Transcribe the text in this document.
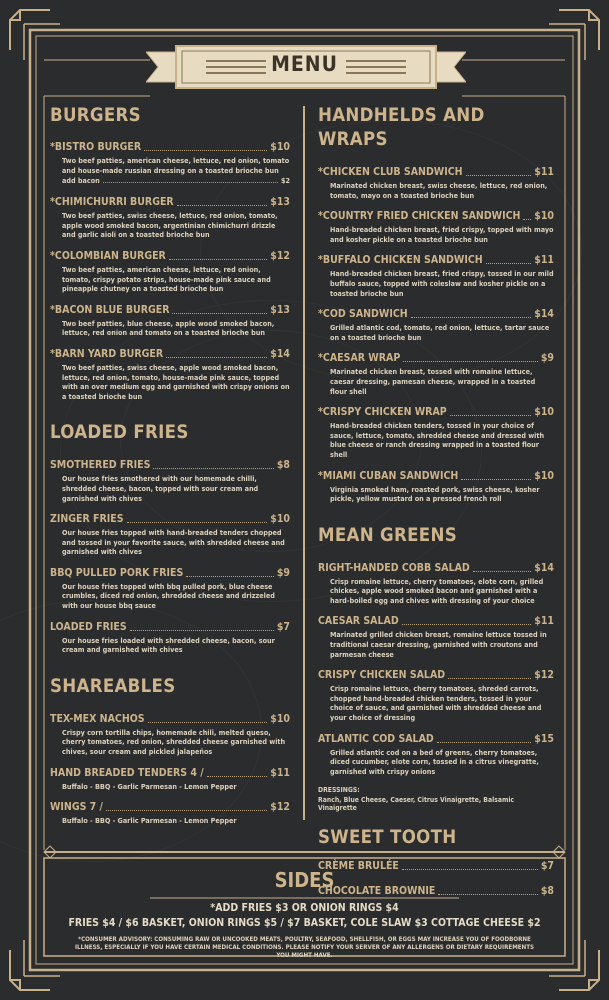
MENU
BURGERS
*BISTRO BURGER	$10
Two beef patties, american cheese, lettuce, red onion, tomato and house-made russian dressing on a toasted brioche bun
add bacon	$2
*CHIMICHURRI BURGER	$13
Two beef patties, swiss cheese, lettuce, red onion, tomato, apple wood smoked bacon, argentinian chimichurri drizzle and garlic aioli on a toasted brioche bun
*COLOMBIAN BURGER	$12
Two beef patties, american cheese, lettuce, red onion, tomato, crispy potato strips, house-made pink sauce and pineapple chutney on a toasted brioche bun
*BACON BLUE BURGER	$13
Two beef patties, blue cheese, apple wood smoked bacon, lettuce, red onion and tomato on a toasted brioche bun
*BARN YARD BURGER	$14
Two beef patties, swiss cheese, apple wood smoked bacon, lettuce, red onion, tomato, house-made pink sauce, topped with an over medium egg and garnished with crispy onions on a toasted brioche bun
LOADED FRIES
SMOTHERED FRIES	$8
Our house fries smothered with our homemade chilli, shredded cheese, bacon, topped with sour cream and garnished with chives
ZINGER FRIES	$10
Our house fries topped with hand-breaded tenders chopped and tossed in your favorite sauce, with shredded cheese and garnished with chives
BBQ PULLED PORK FRIES	$9
Our house fries topped with bbq pulled pork, blue cheese crumbles, diced red onion, shredded cheese and drizzeled with our house bbq sauce
LOADED FRIES	$7
Our house fries loaded with shredded cheese, bacon, sour cream and garnished with chives
SHAREABLES
TEX-MEX NACHOS	$10
Crispy corn tortilla chips, homemade chili, melted queso, cherry tomatoes, red onion, shredded cheese garnished with chives, sour cream and pickled jalapeños
HAND BREADED TENDERS 4 /	$11
Buffalo - BBQ - Garlic Parmesan - Lemon Pepper
WINGS 7 /	$12
Buffalo - BBQ - Garlic Parmesan - Lemon Pepper
HANDHELDS AND WRAPS
*CHICKEN CLUB SANDWICH	$11
Marinated chicken breast, swiss cheese, lettuce, red onion, tomato, mayo on a toasted brioche bun
*COUNTRY FRIED CHICKEN SANDWICH $10
Hand-breaded chicken breast, fried crispy, topped with mayo and kosher pickle on a toasted brioche bun
*BUFFALO CHICKEN SANDWICH	$11
Hand-breaded chicken breast, fried crispy, tossed in our mild buffalo sauce, topped with coleslaw and kosher pickle on a toasted brioche bun
*COD SANDWICH	$14
Grilled atlantic cod, tomato, red onion, lettuce, tartar sauce on a toasted brioche bun
*CAESAR WRAP	$9
Marinated chicken breast, tossed with romaine lettuce, caesar dressing, pamesan cheese, wrapped in a toasted flour shell
*CRISPY CHICKEN WRAP	$10
Hand-breaded chicken tenders, tossed in your choice of sauce, lettuce, tomato, shredded cheese and dressed with blue cheese or ranch dressing wrapped in a toasted flour shell
*MIAMI CUBAN SANDWICH	$10
Virginia smoked ham, roasted pork, swiss cheese, kosher pickle, yellow mustard on a pressed french roll
MEAN GREENS
RIGHT-HANDED COBB SALAD	$14
Crisp romaine lettuce, cherry tomatoes, elote corn, grilled chickes, apple wood smoked bacon and garnished with a hard-boiled egg and chives with dressing of your choice
CAESAR SALAD	$11
Marinated grilled chicken breast, romaine lettuce tossed in traditional caesar dressing, garnished with croutons and parmesan cheese
CRISPY CHICKEN SALAD	$12
Crisp romaine lettuce, cherry tomatoes, shreded carrots, chopped hand-breaded chicken tenders, tossed in your choice of sauce, and garnished with shredded cheese and your choice of dressing
ATLANTIC COD SALAD	$15
Grilled atlantic cod on a bed of greens, cherry tomatoes, diced cucumber, elote corn, tossed in a citrus vinegratte, garnished with crispy onions
DRESSINGS:
Ranch, Blue Cheese, Caeser, Citrus Vinaigrette, Balsamic Vinaigrette
SWEET TOOTH
CRÈME BRULÉE	$7
CHOCOLATE BROWNIE	$8
SIDES
*ADD FRIES $3 OR ONION RINGS $4
FRIES $4 / $6 BASKET, ONION RINGS $5 / $7 BASKET, COLE SLAW $3 COTTAGE CHEESE $2
*CONSUMER ADVISORY: CONSUMING RAW OR UNCOOKED MEATS, POULTRY, SEAFOOD, SHELLFISH, OR EGGS MAY INCREASE YOU OF FOODBORNE ILLNESS, ESPECIALLY IF YOU HAVE CERTAIN MEDICAL CONDITIONS. PLEASE NOTIFY YOUR SERVER OF ANY ALLERGENS OR DIETARY REQUIREMENTS YOU MIGHT HAVE.
